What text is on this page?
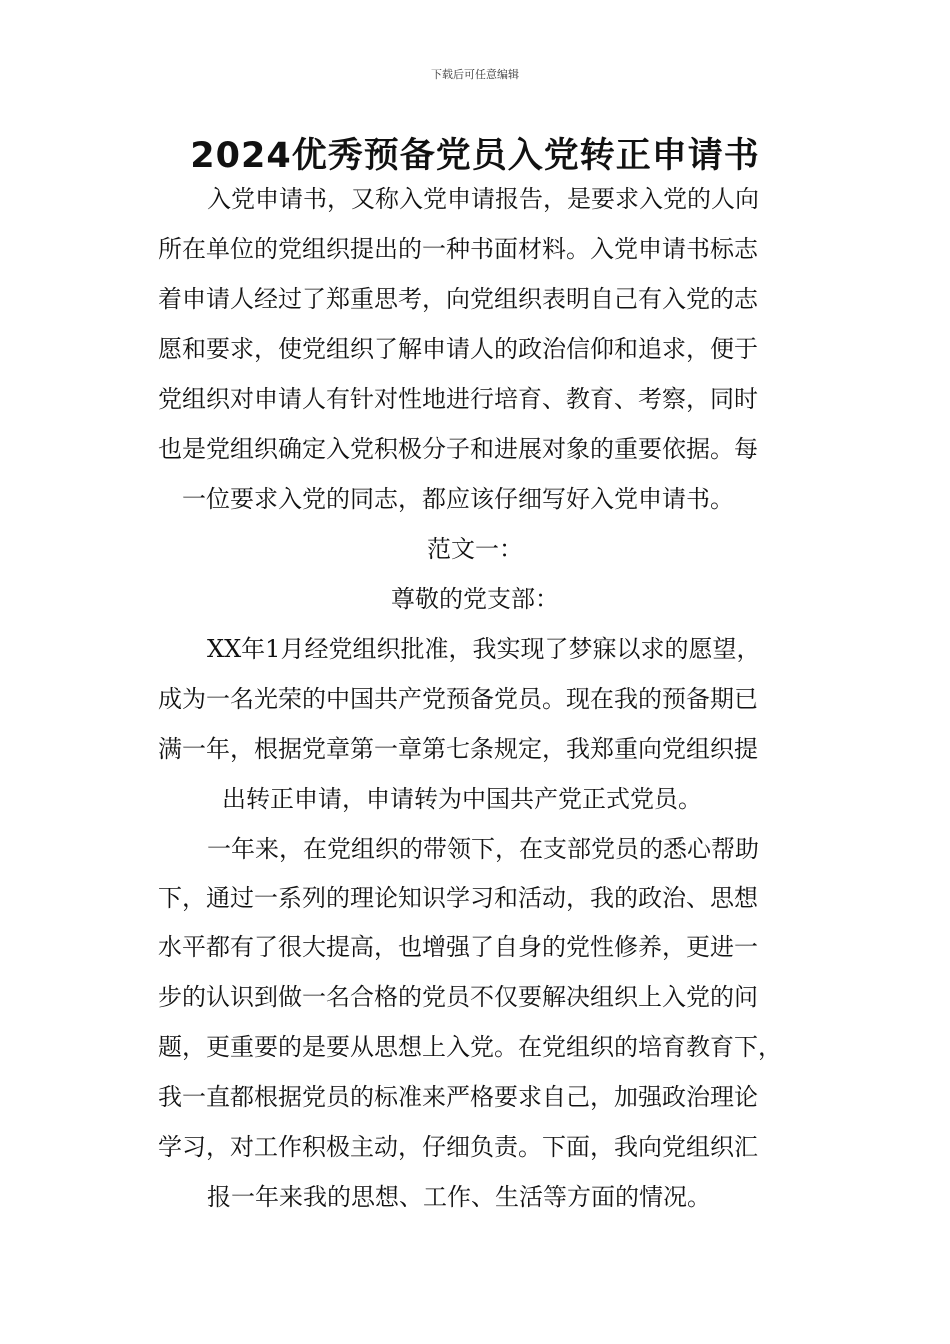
下载后可任意编辑
2024优秀预备党员入党转正申请书
入党申请书，又称入党申请报告，是要求入党的人向
所在单位的党组织提出的一种书面材料。入党申请书标志
着申请人经过了郑重思考，向党组织表明自己有入党的志
愿和要求，使党组织了解申请人的政治信仰和追求，便于
党组织对申请人有针对性地进行培育、教育、考察，同时
也是党组织确定入党积极分子和进展对象的重要依据。每
一位要求入党的同志，都应该仔细写好入党申请书。
范文一：
尊敬的党支部：
XX年1月经党组织批准，我实现了梦寐以求的愿望，
成为一名光荣的中国共产党预备党员。现在我的预备期已
满一年，根据党章第一章第七条规定，我郑重向党组织提
出转正申请，申请转为中国共产党正式党员。
一年来，在党组织的带领下，在支部党员的悉心帮助
下，通过一系列的理论知识学习和活动，我的政治、思想
水平都有了很大提高，也增强了自身的党性修养，更进一
步的认识到做一名合格的党员不仅要解决组织上入党的问
题，更重要的是要从思想上入党。在党组织的培育教育下，
我一直都根据党员的标准来严格要求自己，加强政治理论
学习，对工作积极主动，仔细负责。下面，我向党组织汇
报一年来我的思想、工作、生活等方面的情况。
